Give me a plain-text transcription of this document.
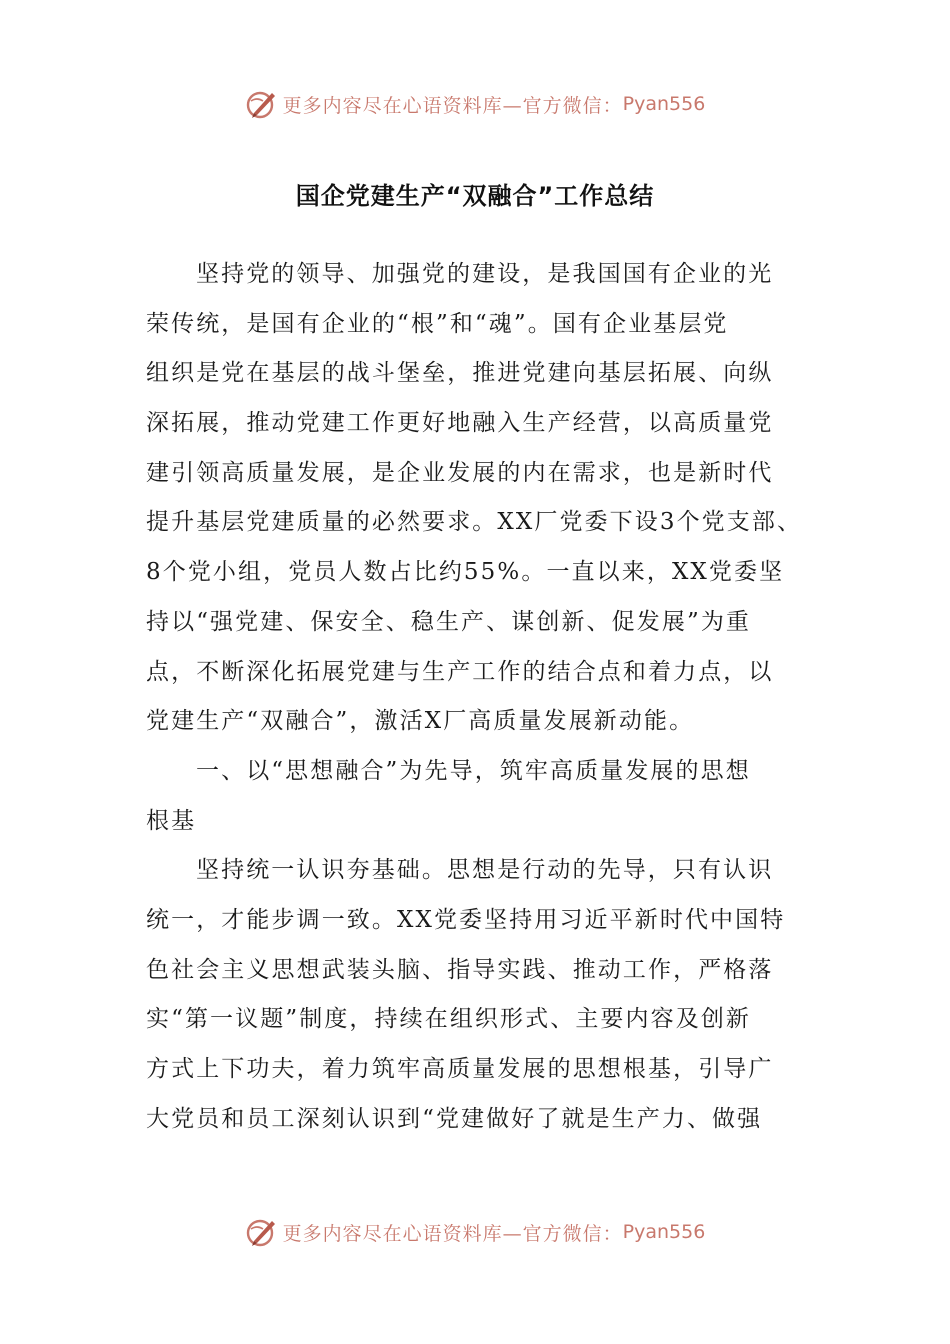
更多内容尽在心语资料库—官方微信： Pyan556
国企党建生产“双融合”工作总结
坚持党的领导、加强党的建设，是我国国有企业的光
荣传统，是国有企业的“根”和“魂”。国有企业基层党
组织是党在基层的战斗堡垒，推进党建向基层拓展、向纵
深拓展，推动党建工作更好地融入生产经营，以高质量党
建引领高质量发展，是企业发展的内在需求，也是新时代
提升基层党建质量的必然要求。XX厂党委下设3个党支部、
8个党小组，党员人数占比约55%。一直以来，XX党委坚
持以“强党建、保安全、稳生产、谋创新、促发展”为重
点，不断深化拓展党建与生产工作的结合点和着力点，以
党建生产“双融合”，激活X厂高质量发展新动能。
一、以“思想融合”为先导，筑牢高质量发展的思想
根基
坚持统一认识夯基础。思想是行动的先导，只有认识
统一，才能步调一致。XX党委坚持用习近平新时代中国特
色社会主义思想武装头脑、指导实践、推动工作，严格落
实“第一议题”制度，持续在组织形式、主要内容及创新
方式上下功夫，着力筑牢高质量发展的思想根基，引导广
大党员和员工深刻认识到“党建做好了就是生产力、做强
更多内容尽在心语资料库—官方微信： Pyan556
